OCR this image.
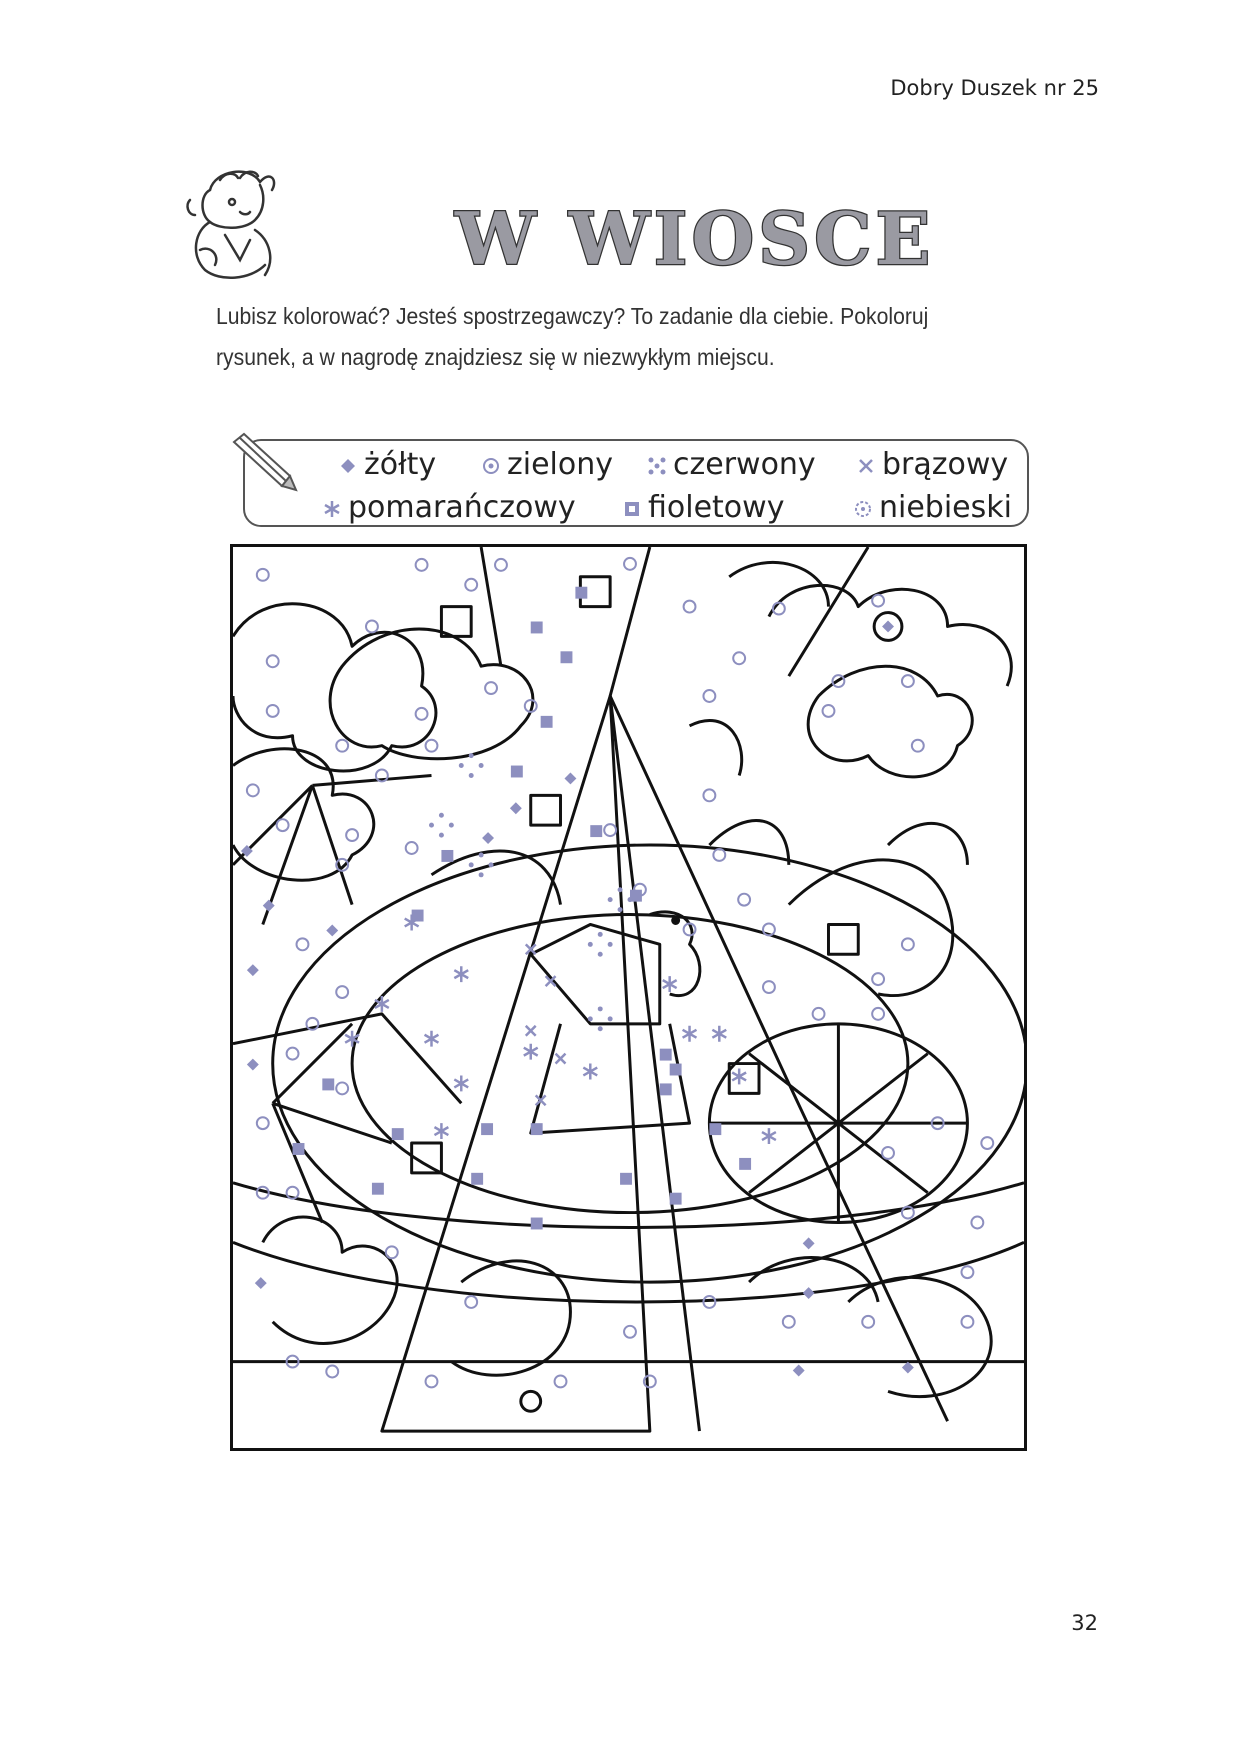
Dobry Duszek nr 25
W WIOSCE
Lubisz kolorować? Jesteś spostrzegawczy? To zadanie dla ciebie. Pokoloruj rysunek, a w nagrodę znajdziesz się w niezwykłym miejscu.
żółty	zielony	czerwony	brązowy
pomarańczowy	fioletowy	niebieski
32
